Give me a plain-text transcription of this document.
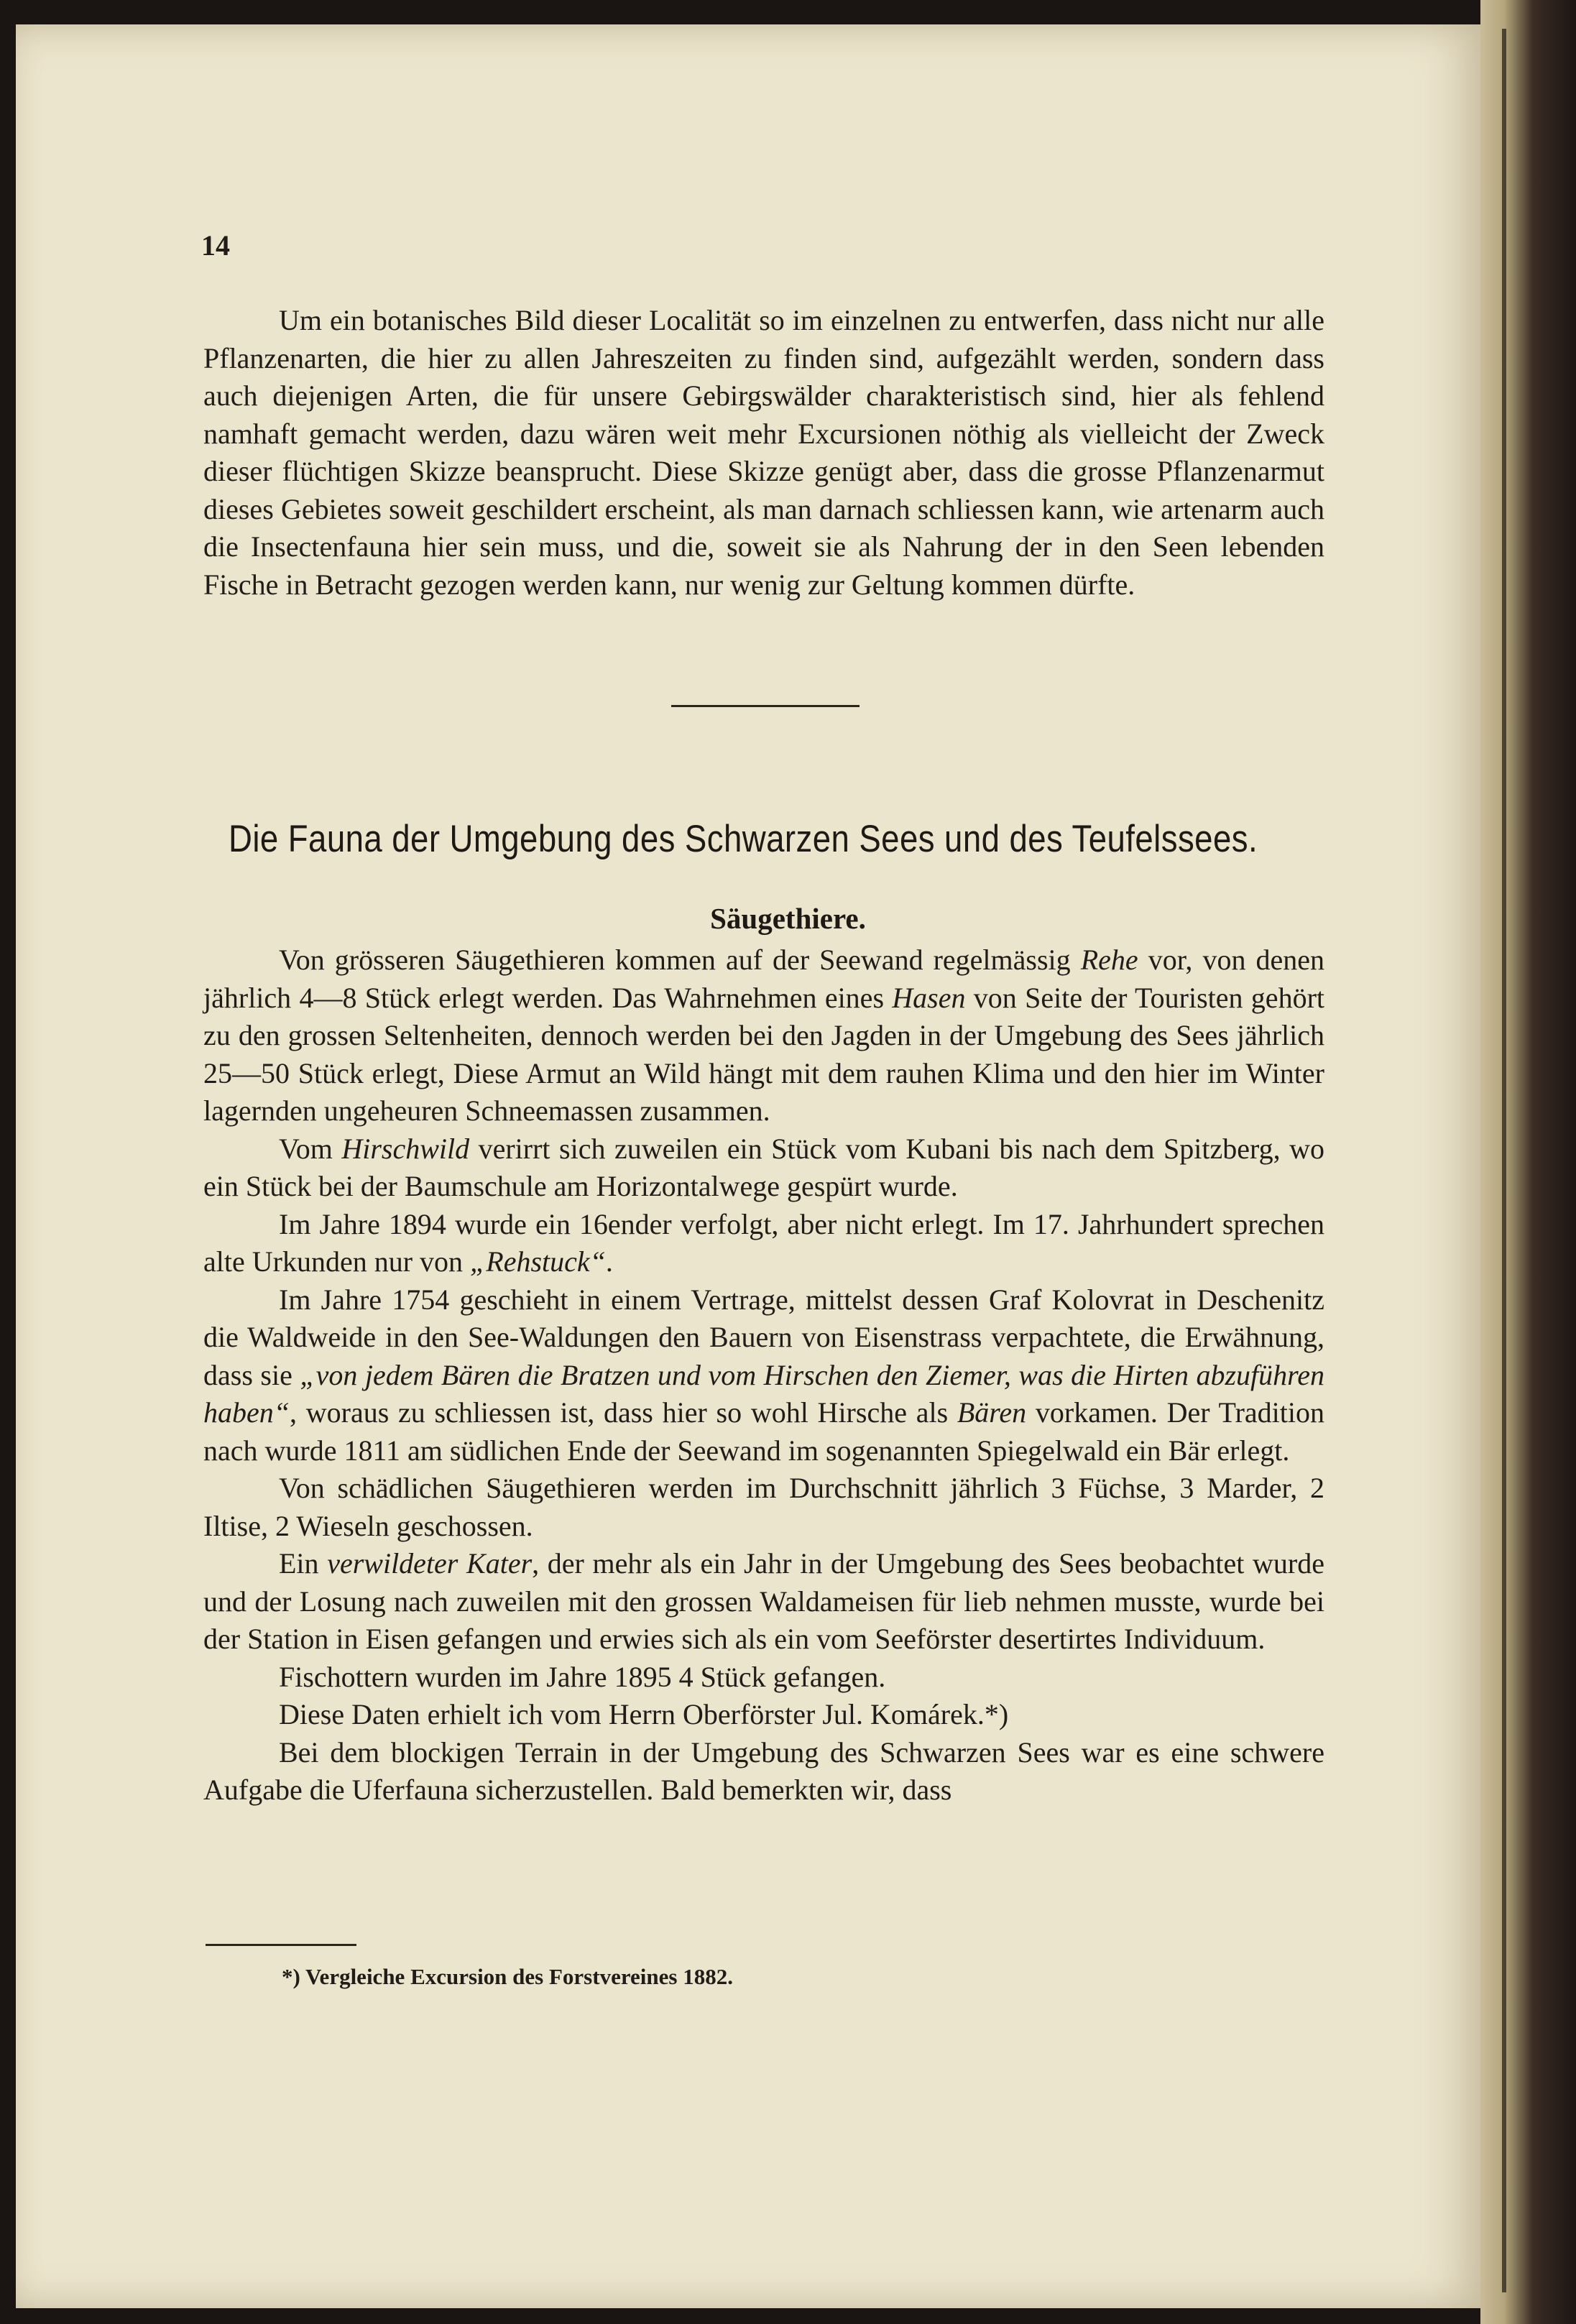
14

Um ein botanisches Bild dieser Localität so im einzelnen zu entwerfen, dass nicht nur alle Pflanzenarten, die hier zu allen Jahreszeiten zu finden sind, aufgezählt werden, sondern dass auch diejenigen Arten, die für unsere Gebirgswälder charakteristisch sind, hier als fehlend namhaft gemacht werden, dazu wären weit mehr Excursionen nöthig als vielleicht der Zweck dieser flüchtigen Skizze beansprucht. Diese Skizze genügt aber, dass die grosse Pflanzenarmut dieses Gebietes soweit geschildert erscheint, als man darnach schliessen kann, wie artenarm auch die Insectenfauna hier sein muss, und die, soweit sie als Nahrung der in den Seen lebenden Fische in Betracht gezogen werden kann, nur wenig zur Geltung kommen dürfte.

Die Fauna der Umgebung des Schwarzen Sees und des Teufelssees.
Säugethiere.

Von grösseren Säugethieren kommen auf der Seewand regelmässig Rehe vor, von denen jährlich 4—8 Stück erlegt werden. Das Wahrnehmen eines Hasen von Seite der Touristen gehört zu den grossen Seltenheiten, dennoch werden bei den Jagden in der Umgebung des Sees jährlich 25—50 Stück erlegt, Diese Armut an Wild hängt mit dem rauhen Klima und den hier im Winter lagernden ungeheuren Schneemassen zusammen.

Vom Hirschwild verirrt sich zuweilen ein Stück vom Kubani bis nach dem Spitzberg, wo ein Stück bei der Baumschule am Horizontalwege gespürt wurde.

Im Jahre 1894 wurde ein 16ender verfolgt, aber nicht erlegt. Im 17. Jahrhundert sprechen alte Urkunden nur von „Rehstuck“.

Im Jahre 1754 geschieht in einem Vertrage, mittelst dessen Graf Kolovrat in Deschenitz die Waldweide in den See-Waldungen den Bauern von Eisenstrass verpachtete, die Erwähnung, dass sie „von jedem Bären die Bratzen und vom Hirschen den Ziemer, was die Hirten abzuführen haben“, woraus zu schliessen ist, dass hier so wohl Hirsche als Bären vorkamen. Der Tradition nach wurde 1811 am südlichen Ende der Seewand im sogenannten Spiegelwald ein Bär erlegt.

Von schädlichen Säugethieren werden im Durchschnitt jährlich 3 Füchse, 3 Marder, 2 Iltise, 2 Wieseln geschossen.

Ein verwildeter Kater, der mehr als ein Jahr in der Umgebung des Sees beobachtet wurde und der Losung nach zuweilen mit den grossen Waldameisen für lieb nehmen musste, wurde bei der Station in Eisen gefangen und erwies sich als ein vom Seeförster desertirtes Individuum.

Fischottern wurden im Jahre 1895 4 Stück gefangen.

Diese Daten erhielt ich vom Herrn Oberförster Jul. Komárek.*)

Bei dem blockigen Terrain in der Umgebung des Schwarzen Sees war es eine schwere Aufgabe die Uferfauna sicherzustellen. Bald bemerkten wir, dass

*) Vergleiche Excursion des Forstvereines 1882.
